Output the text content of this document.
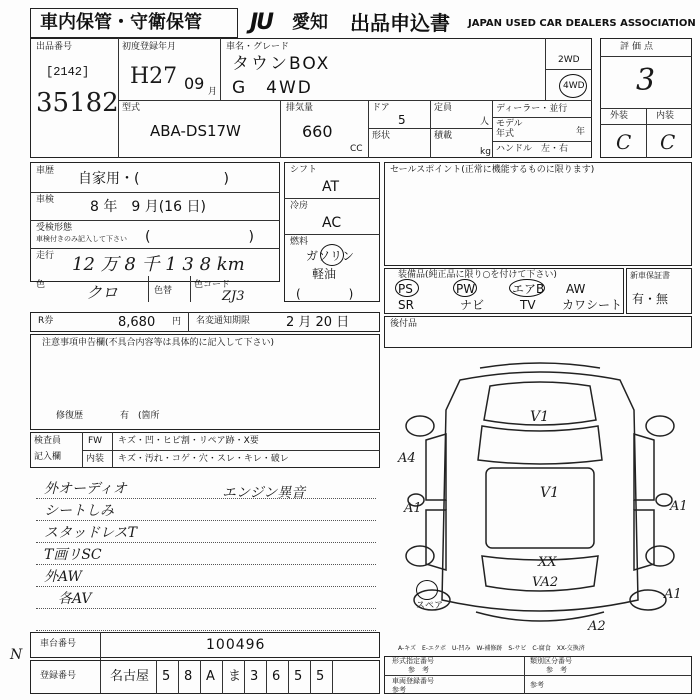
車内保管・守衛保管 JU 愛知 出品申込書 JAPAN USED CAR DEALERS ASSOCIATION
出品番号
[2142]
35182
初度登録年月
H27 09 月
車名・グレード
タウンBOX
G　4WD
2WD
4WD
型式
ABA-DS17W
排気量
660
CC
ドア
5
形状
定員
人
積載
kg
ディーラー・並行
モデル
年式	年
ハンドル　左・右
評価点
3
外装	内装
C C
車歴 自家用・(　　　　　　)
車検	8 年　9 月(16 日)
受検形態
車検付きのみ記入して下さい (　　　　　　　)
走行 12 万 8 千 1 3 8 km
色	クロ	色替
色コード
ZJ3
シフト
AT
冷房
AC
燃料
ガソリン
軽油
(　　　　)
セールスポイント(正常に機能するものに限ります)
装備品(純正品に限り○を付けて下さい)
PS	PW	エアB AW
SR	ナビ	TV カワシート
新車保証書
有・無
後付品
R券	8,680 円 名変通知期限	2 月 20 日
注意事項申告欄(不具合内容等は具体的に記入して下さい)
修復歴	有　(箇所
検査員
記入欄
FW キズ・凹・ヒビ割・リペア跡・X要
内装 キズ・汚れ・コゲ・穴・スレ・キレ・破レ
外オーディオ
シートしみ
スタッドレスT
T画リSC
外AW
各AV
エンジン異音
V1
V1
A1
A4
A1
XX
VA2
A2
A1
スペア
A-キズ　E-エクボ　U-凹み　W-補修跡　S-サビ　C-腐食　XX-交換済
車台番号	100496
登録番号	名古屋 5 8 A ま 3 6 5 5
形式指定番号
参　考
類別区分番号
参　考
車両登録番号
参考
参考
N
